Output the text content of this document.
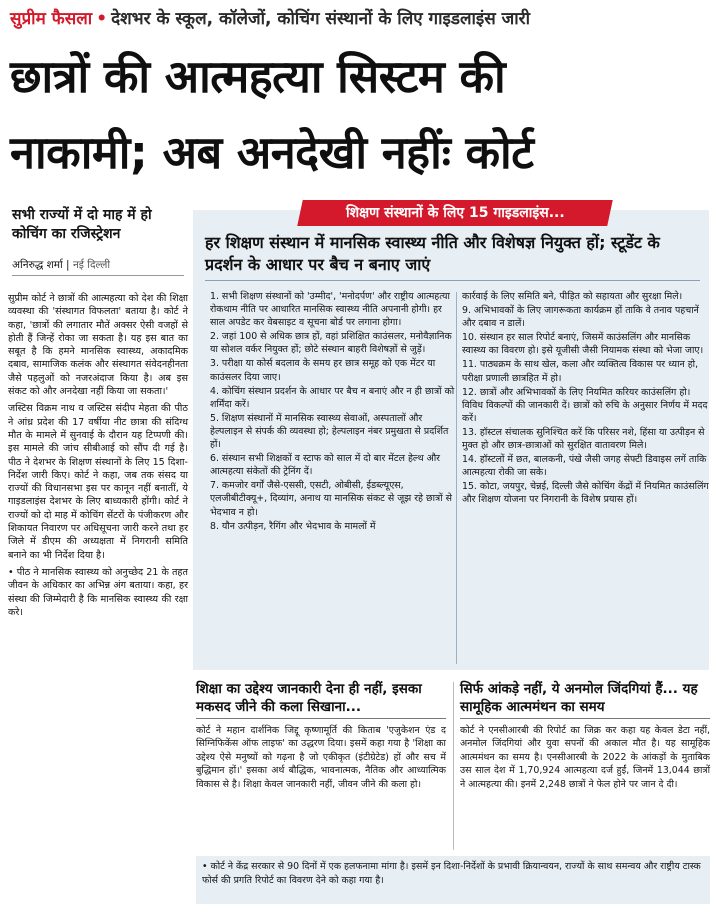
सुप्रीम फैसला • देशभर के स्कूल, कॉलेजों, कोचिंग संस्थानों के लिए गाइडलाइंस जारी
छात्रों की आत्महत्या सिस्टम की
नाकामी; अब अनदेखी नहींः कोर्ट
सभी राज्यों में दो माह में हो कोचिंग का रजिस्ट्रेशन
अनिरुद्ध शर्मा | नई दिल्ली

सुप्रीम कोर्ट ने छात्रों की आत्महत्या को देश की शिक्षा व्यवस्था की 'संस्थागत विफलता' बताया है। कोर्ट ने कहा, 'छात्रों की लगातार मौतें अक्सर ऐसी वजहों से होती हैं जिन्हें रोका जा सकता है। यह इस बात का सबूत है कि हमने मानसिक स्वास्थ्य, अकादमिक दबाव, सामाजिक कलंक और संस्थागत संवेदनहीनता जैसे पहलुओं को नजरअंदाज किया है। अब इस संकट को और अनदेखा नहीं किया जा सकता।'

जस्टिस विक्रम नाथ व जस्टिस संदीप मेहता की पीठ ने आंध्र प्रदेश की 17 वर्षीया नीट छात्रा की संदिग्ध मौत के मामले में सुनवाई के दौरान यह टिप्पणी की। इस मामले की जांच सीबीआई को सौंप दी गई है। पीठ ने देशभर के शिक्षण संस्थानों के लिए 15 दिशा-निर्देश जारी किए। कोर्ट ने कहा, जब तक संसद या राज्यों की विधानसभा इस पर कानून नहीं बनातीं, ये गाइडलाइंस देशभर के लिए बाध्यकारी होंगी। कोर्ट ने राज्यों को दो माह में कोचिंग सेंटरों के पंजीकरण और शिकायत निवारण पर अधिसूचना जारी करने तथा हर जिले में डीएम की अध्यक्षता में निगरानी समिति बनाने का भी निर्देश दिया है।

• पीठ ने मानसिक स्वास्थ्य को अनुच्छेद 21 के तहत जीवन के अधिकार का अभिन्न अंग बताया। कहा, हर संस्था की जिम्मेदारी है कि मानसिक स्वास्थ्य की रक्षा करे।

शिक्षण संस्थानों के लिए 15 गाइडलाइंस...
हर शिक्षण संस्थान में मानसिक स्वास्थ्य नीति और विशेषज्ञ नियुक्त हों; स्टूडेंट के प्रदर्शन के आधार पर बैच न बनाए जाएं

1. सभी शिक्षण संस्थानों को 'उम्मीद', 'मनोदर्पण' और राष्ट्रीय आत्महत्या रोकथाम नीति पर आधारित मानसिक स्वास्थ्य नीति अपनानी होगी। हर साल अपडेट कर वेबसाइट व सूचना बोर्ड पर लगाना होगा।

2. जहां 100 से अधिक छात्र हों, वहां प्रशिक्षित काउंसलर, मनोवैज्ञानिक या सोशल वर्कर नियुक्त हों; छोटे संस्थान बाहरी विशेषज्ञों से जुड़ें।

3. परीक्षा या कोर्स बदलाव के समय हर छात्र समूह को एक मेंटर या काउंसलर दिया जाए।

4. कोचिंग संस्थान प्रदर्शन के आधार पर बैच न बनाएं और न ही छात्रों को शर्मिंदा करें।

5. शिक्षण संस्थानों में मानसिक स्वास्थ्य सेवाओं, अस्पतालों और हेल्पलाइन से संपर्क की व्यवस्था हो; हेल्पलाइन नंबर प्रमुखता से प्रदर्शित हों।

6. संस्थान सभी शिक्षकों व स्टाफ को साल में दो बार मेंटल हेल्थ और आत्महत्या संकेतों की ट्रेनिंग दें।

7. कमजोर वर्गों जैसे-एससी, एसटी, ओबीसी, ईडब्ल्यूएस, एलजीबीटीक्यू+, दिव्यांग, अनाथ या मानसिक संकट से जूझ रहे छात्रों से भेदभाव न हो।

8. यौन उत्पीड़न, रैगिंग और भेदभाव के मामलों में

कार्रवाई के लिए समिति बने, पीड़ित को सहायता और सुरक्षा मिले।

9. अभिभावकों के लिए जागरूकता कार्यक्रम हों ताकि वे तनाव पहचानें और दबाव न डालें।

10. संस्थान हर साल रिपोर्ट बनाएं, जिसमें काउंसलिंग और मानसिक स्वास्थ्य का विवरण हो। इसे यूजीसी जैसी नियामक संस्था को भेजा जाए।

11. पाठ्यक्रम के साथ खेल, कला और व्यक्तित्व विकास पर ध्यान हो, परीक्षा प्रणाली छात्रहित में हो।

12. छात्रों और अभिभावकों के लिए नियमित करियर काउंसलिंग हो। विविध विकल्पों की जानकारी दें। छात्रों को रुचि के अनुसार निर्णय में मदद करें।

13. हॉस्टल संचालक सुनिश्चित करें कि परिसर नशे, हिंसा या उत्पीड़न से मुक्त हो और छात्र-छात्राओं को सुरक्षित वातावरण मिले।

14. हॉस्टलों में छत, बालकनी, पंखे जैसी जगह सेफ्टी डिवाइस लगें ताकि आत्महत्या रोकी जा सके।

15. कोटा, जयपुर, चेन्नई, दिल्ली जैसे कोचिंग केंद्रों में नियमित काउंसलिंग और शिक्षण योजना पर निगरानी के विशेष प्रयास हों।

शिक्षा का उद्देश्य जानकारी देना ही नहीं, इसका मकसद जीने की कला सिखाना...
कोर्ट ने महान दार्शनिक जिद्दू कृष्णामूर्ति की किताब 'एजुकेशन एंड द सिग्निफिकेंस ऑफ लाइफ' का उद्धरण दिया। इसमें कहा गया है 'शिक्षा का उद्देश्य ऐसे मनुष्यों को गढ़ना है जो एकीकृत (इंटीग्रेटेड) हों और सच में बुद्धिमान हों।' इसका अर्थ बौद्धिक, भावनात्मक, नैतिक और आध्यात्मिक विकास से है। शिक्षा केवल जानकारी नहीं, जीवन जीने की कला हो।
सिर्फ आंकड़े नहीं, ये अनमोल जिंदगियां हैं... यह सामूहिक आत्ममंथन का समय
कोर्ट ने एनसीआरबी की रिपोर्ट का जिक्र कर कहा यह केवल डेटा नहीं, अनमोल जिंदगियां और युवा सपनों की अकाल मौत है। यह सामूहिक आत्ममंथन का समय है। एनसीआरबी के 2022 के आंकड़ों के मुताबिक उस साल देश में 1,70,924 आत्महत्या दर्ज हुईं, जिनमें 13,044 छात्रों ने आत्महत्या की। इनमें 2,248 छात्रों ने फेल होने पर जान दे दी।
• कोर्ट ने केंद्र सरकार से 90 दिनों में एक हलफनामा मांगा है। इसमें इन दिशा-निर्देशों के प्रभावी क्रियान्वयन, राज्यों के साथ समन्वय और राष्ट्रीय टास्क फोर्स की प्रगति रिपोर्ट का विवरण देने को कहा गया है।
